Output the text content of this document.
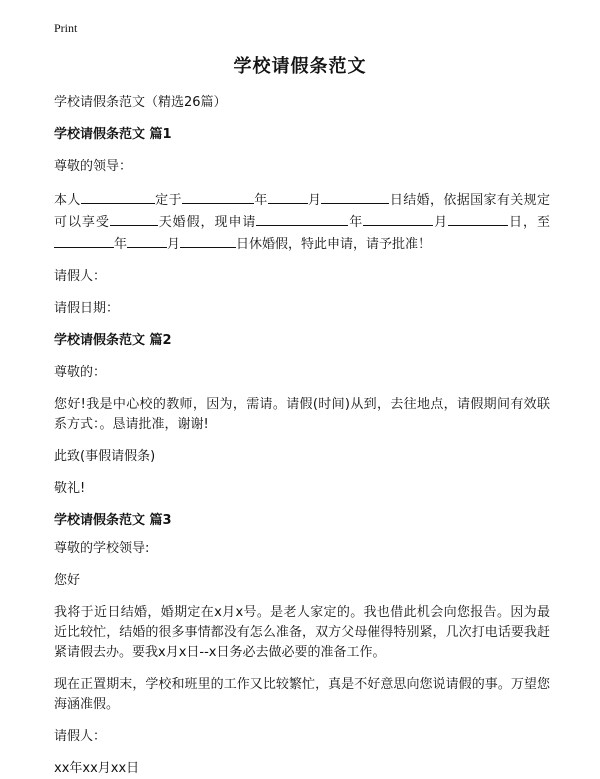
Print
学校请假条范文

学校请假条范文（精选26篇）

学校请假条范文 篇1

尊敬的领导：

本人	定于	年	月	日结婚，依据国家有关规定可以享受	天婚假，现申请	年	月	日，至年	月	日休婚假，特此申请，请予批准！

请假人：

请假日期：

学校请假条范文 篇2

尊敬的：

您好!我是中心校的教师，因为，需请。请假(时间)从到，去往地点，请假期间有效联系方式：。恳请批准，谢谢!

此致(事假请假条)

敬礼!

学校请假条范文 篇3

尊敬的学校领导:

您好

我将于近日结婚，婚期定在x月x号。是老人家定的。我也借此机会向您报告。因为最近比较忙，结婚的很多事情都没有怎么准备，双方父母催得特别紧，几次打电话要我赶紧请假去办。要我x月x日--x日务必去做必要的准备工作。

现在正置期末，学校和班里的工作又比较繁忙，真是不好意思向您说请假的事。万望您海涵准假。

请假人：

xx年xx月xx日
